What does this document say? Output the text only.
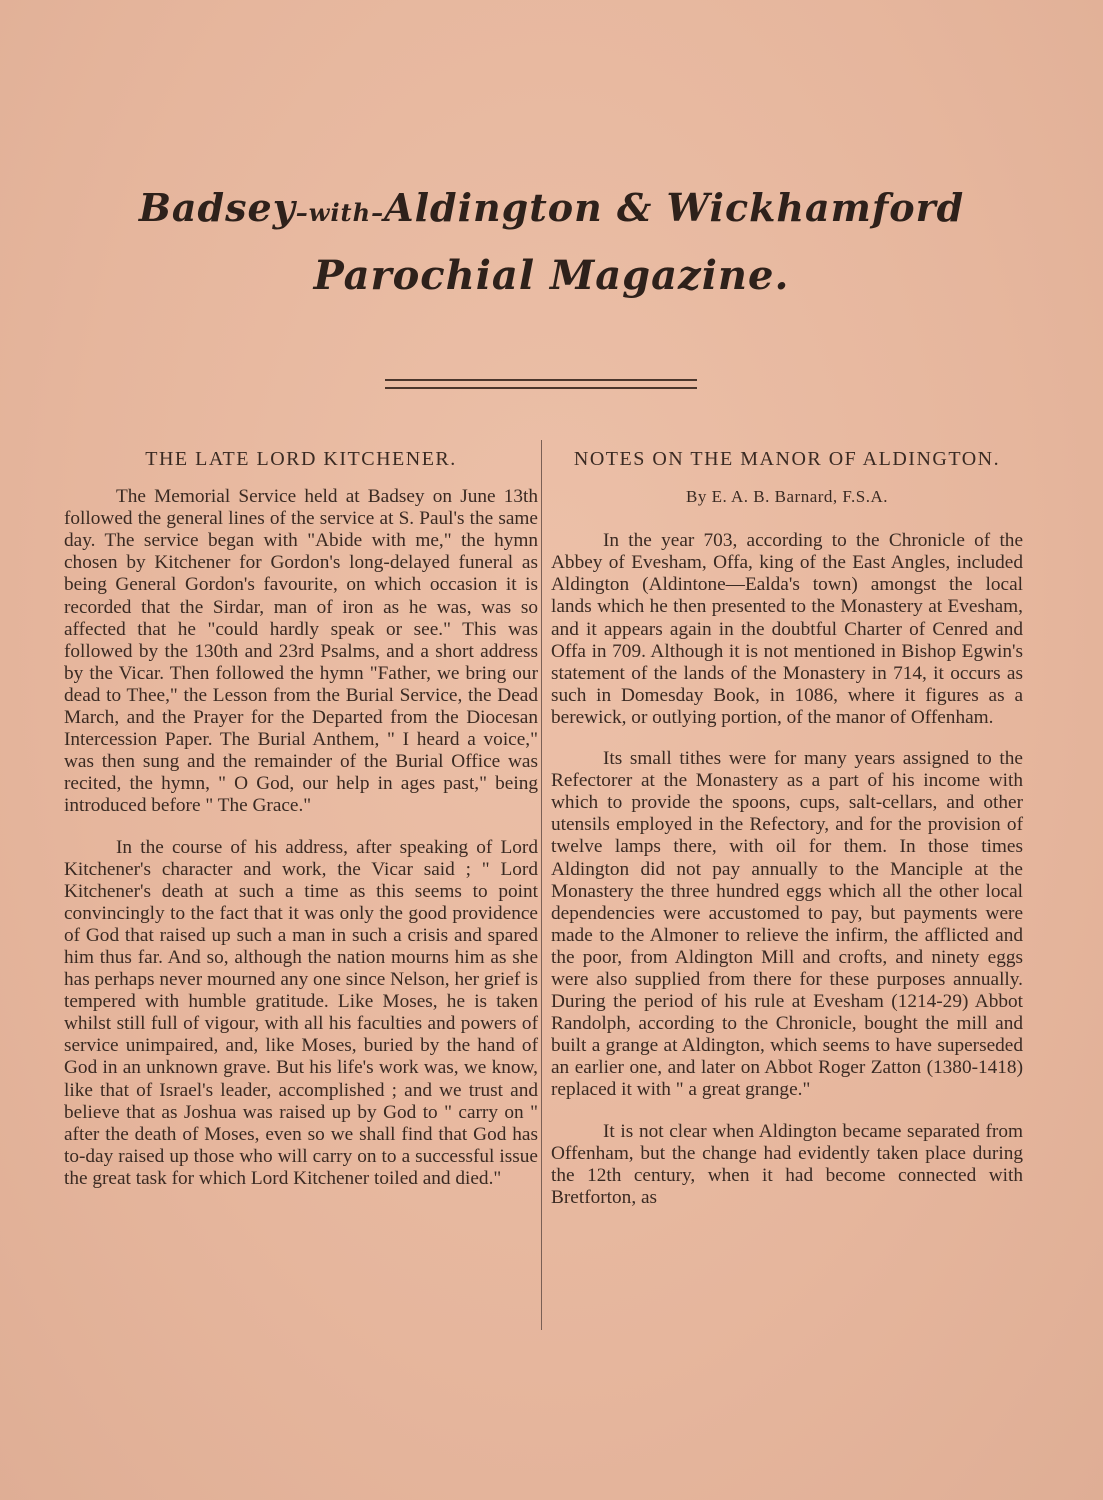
Badsey–with–Aldington & Wickhamford
Parochial Magazine.
THE LATE LORD KITCHENER.

The Memorial Service held at Badsey on June 13th followed the general lines of the service at S. Paul's the same day. The service began with "Abide with me," the hymn chosen by Kitchener for Gordon's long-delayed funeral as being General Gordon's favourite, on which occasion it is recorded that the Sirdar, man of iron as he was, was so affected that he "could hardly speak or see." This was followed by the 130th and 23rd Psalms, and a short address by the Vicar. Then followed the hymn "Father, we bring our dead to Thee," the Lesson from the Burial Service, the Dead March, and the Prayer for the Departed from the Diocesan Intercession Paper. The Burial Anthem, " I heard a voice," was then sung and the remainder of the Burial Office was recited, the hymn, " O God, our help in ages past," being introduced before " The Grace."

In the course of his address, after speaking of Lord Kitchener's character and work, the Vicar said ; " Lord Kitchener's death at such a time as this seems to point convincingly to the fact that it was only the good providence of God that raised up such a man in such a crisis and spared him thus far. And so, although the nation mourns him as she has perhaps never mourned any one since Nelson, her grief is tempered with humble gratitude. Like Moses, he is taken whilst still full of vigour, with all his faculties and powers of service unimpaired, and, like Moses, buried by the hand of God in an unknown grave. But his life's work was, we know, like that of Israel's leader, accomplished ; and we trust and believe that as Joshua was raised up by God to " carry on " after the death of Moses, even so we shall find that God has to-day raised up those who will carry on to a successful issue the great task for which Lord Kitchener toiled and died."

NOTES ON THE MANOR OF ALDINGTON.
By E. A. B. Barnard, F.S.A.

In the year 703, according to the Chronicle of the Abbey of Evesham, Offa, king of the East Angles, included Aldington (Aldintone—Ealda's town) amongst the local lands which he then presented to the Monastery at Evesham, and it appears again in the doubtful Charter of Cenred and Offa in 709. Although it is not mentioned in Bishop Egwin's statement of the lands of the Monastery in 714, it occurs as such in Domesday Book, in 1086, where it figures as a berewick, or outlying portion, of the manor of Offenham.

Its small tithes were for many years assigned to the Refectorer at the Monastery as a part of his income with which to provide the spoons, cups, salt-cellars, and other utensils employed in the Refectory, and for the provision of twelve lamps there, with oil for them. In those times Aldington did not pay annually to the Manciple at the Monastery the three hundred eggs which all the other local dependencies were accustomed to pay, but payments were made to the Almoner to relieve the infirm, the afflicted and the poor, from Aldington Mill and crofts, and ninety eggs were also supplied from there for these purposes annually. During the period of his rule at Evesham (1214-29) Abbot Randolph, according to the Chronicle, bought the mill and built a grange at Aldington, which seems to have superseded an earlier one, and later on Abbot Roger Zatton (1380-1418) replaced it with " a great grange."

It is not clear when Aldington became separated from Offenham, but the change had evidently taken place during the 12th century, when it had become connected with Bretforton, as
